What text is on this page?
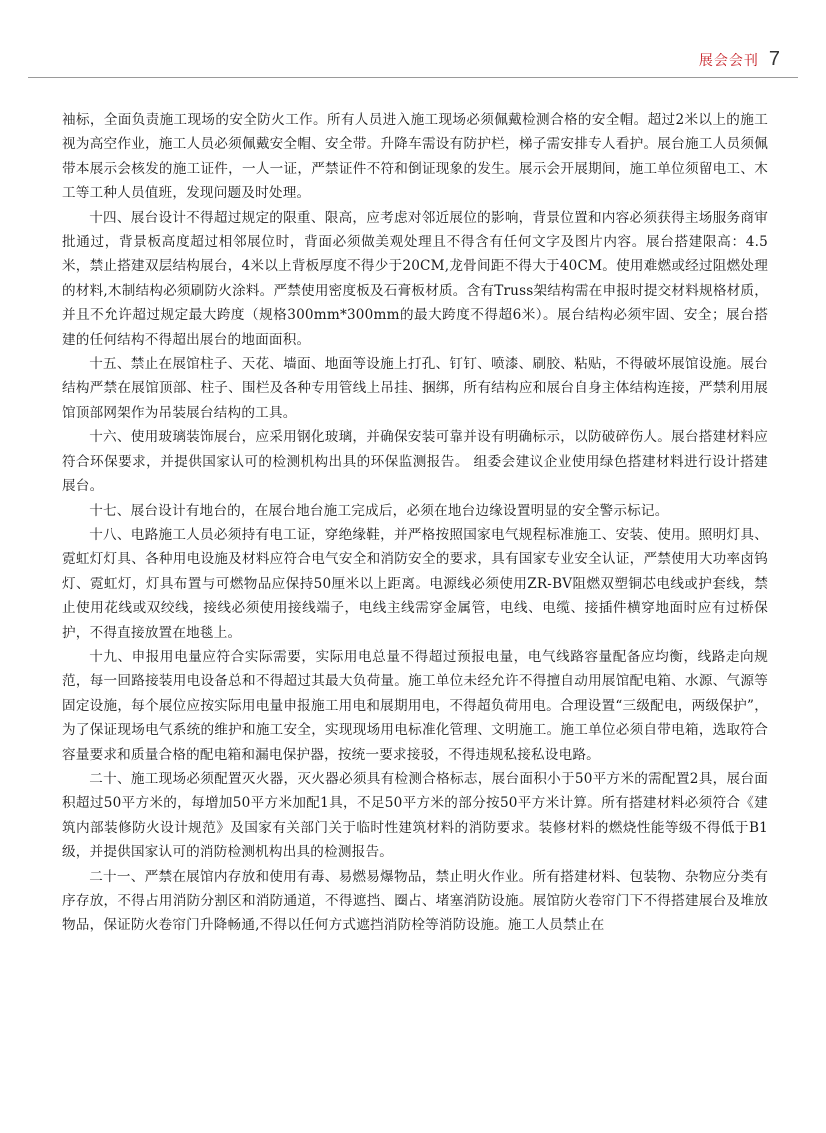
展会会刊 7

袖标，全面负责施工现场的安全防火工作。所有人员进入施工现场必须佩戴检测合格的安全帽。超过2米以上的施工视为高空作业，施工人员必须佩戴安全帽、安全带。升降车需设有防护栏，梯子需安排专人看护。展台施工人员须佩带本展示会核发的施工证件，一人一证，严禁证件不符和倒证现象的发生。展示会开展期间，施工单位须留电工、木工等工种人员值班，发现问题及时处理。

十四、展台设计不得超过规定的限重、限高，应考虑对邻近展位的影响，背景位置和内容必须获得主场服务商审批通过，背景板高度超过相邻展位时，背面必须做美观处理且不得含有任何文字及图片内容。展台搭建限高：4.5米，禁止搭建双层结构展台，4米以上背板厚度不得少于20CM,龙骨间距不得大于40CM。使用难燃或经过阻燃处理的材料,木制结构必须刷防火涂料。严禁使用密度板及石膏板材质。含有Truss架结构需在申报时提交材料规格材质，并且不允许超过规定最大跨度（规格300mm*300mm的最大跨度不得超6米）。展台结构必须牢固、安全；展台搭建的任何结构不得超出展台的地面面积。

十五、禁止在展馆柱子、天花、墙面、地面等设施上打孔、钉钉、喷漆、刷胶、粘贴，不得破坏展馆设施。展台结构严禁在展馆顶部、柱子、围栏及各种专用管线上吊挂、捆绑，所有结构应和展台自身主体结构连接，严禁利用展馆顶部网架作为吊装展台结构的工具。

十六、使用玻璃装饰展台，应采用钢化玻璃，并确保安装可靠并设有明确标示，以防破碎伤人。展台搭建材料应符合环保要求，并提供国家认可的检测机构出具的环保监测报告。 组委会建议企业使用绿色搭建材料进行设计搭建展台。

十七、展台设计有地台的，在展台地台施工完成后，必须在地台边缘设置明显的安全警示标记。

十八、电路施工人员必须持有电工证，穿绝缘鞋，并严格按照国家电气规程标准施工、安装、使用。照明灯具、霓虹灯灯具、各种用电设施及材料应符合电气安全和消防安全的要求，具有国家专业安全认证，严禁使用大功率卤钨灯、霓虹灯，灯具布置与可燃物品应保持50厘米以上距离。电源线必须使用ZR-BV阻燃双塑铜芯电线或护套线，禁止使用花线或双绞线，接线必须使用接线端子，电线主线需穿金属管，电线、电缆、接插件横穿地面时应有过桥保护，不得直接放置在地毯上。

十九、申报用电量应符合实际需要，实际用电总量不得超过预报电量，电气线路容量配备应均衡，线路走向规范，每一回路接装用电设备总和不得超过其最大负荷量。施工单位未经允许不得擅自动用展馆配电箱、水源、气源等固定设施，每个展位应按实际用电量申报施工用电和展期用电，不得超负荷用电。合理设置“三级配电，两级保护”，为了保证现场电气系统的维护和施工安全，实现现场用电标准化管理、文明施工。施工单位必须自带电箱，选取符合容量要求和质量合格的配电箱和漏电保护器，按统一要求接驳，不得违规私接私设电路。

二十、施工现场必须配置灭火器，灭火器必须具有检测合格标志，展台面积小于50平方米的需配置2具，展台面积超过50平方米的，每增加50平方米加配1具，不足50平方米的部分按50平方米计算。所有搭建材料必须符合《建筑内部装修防火设计规范》及国家有关部门关于临时性建筑材料的消防要求。装修材料的燃烧性能等级不得低于B1级，并提供国家认可的消防检测机构出具的检测报告。

二十一、严禁在展馆内存放和使用有毒、易燃易爆物品，禁止明火作业。所有搭建材料、包装物、杂物应分类有序存放，不得占用消防分割区和消防通道，不得遮挡、圈占、堵塞消防设施。展馆防火卷帘门下不得搭建展台及堆放物品，保证防火卷帘门升降畅通,不得以任何方式遮挡消防栓等消防设施。施工人员禁止在
